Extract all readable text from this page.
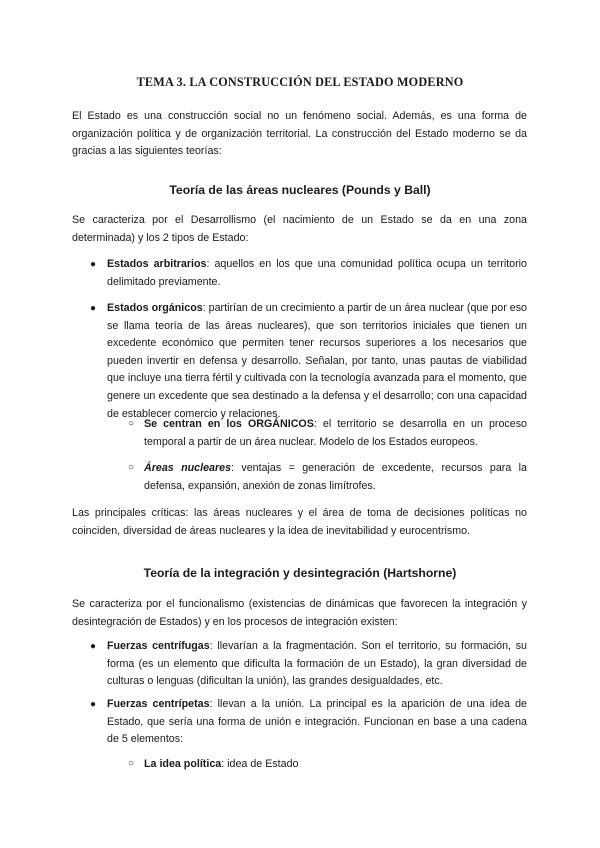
TEMA 3. LA CONSTRUCCIÓN DEL ESTADO MODERNO
El Estado es una construcción social no un fenómeno social. Además, es una forma de organización política y de organización territorial. La construcción del Estado moderno se da gracias a las siguientes teorías:
Teoría de las áreas nucleares (Pounds y Ball)
Se caracteriza por el Desarrollismo (el nacimiento de un Estado se da en una zona determinada) y los 2 tipos de Estado:
● Estados arbitrarios: aquellos en los que una comunidad política ocupa un territorio delimitado previamente.
● Estados orgánicos: partirían de un crecimiento a partir de un área nuclear (que por eso se llama teoría de las áreas nucleares), que son territorios iniciales que tienen un excedente económico que permiten tener recursos superiores a los necesarios que pueden invertir en defensa y desarrollo. Señalan, por tanto, unas pautas de viabilidad que incluye una tierra fértil y cultivada con la tecnología avanzada para el momento, que genere un excedente que sea destinado a la defensa y el desarrollo; con una capacidad de establecer comercio y relaciones.
○ Se centran en los ORGÁNICOS: el territorio se desarrolla en un proceso temporal a partir de un área nuclear. Modelo de los Estados europeos.
○ Áreas nucleares: ventajas = generación de excedente, recursos para la defensa, expansión, anexión de zonas limítrofes.
Las principales críticas: las áreas nucleares y el área de toma de decisiones políticas no coinciden, diversidad de áreas nucleares y la idea de inevitabilidad y eurocentrismo.
Teoría de la integración y desintegración (Hartshorne)
Se caracteriza por el funcionalismo (existencias de dinámicas que favorecen la integración y desintegración de Estados) y en los procesos de integración existen:
● Fuerzas centrífugas: llevarían a la fragmentación. Son el territorio, su formación, su forma (es un elemento que dificulta la formación de un Estado), la gran diversidad de culturas o lenguas (dificultan la unión), las grandes desigualdades, etc.
● Fuerzas centrípetas: llevan a la unión. La principal es la aparición de una idea de Estado, que sería una forma de unión e integración. Funcionan en base a una cadena de 5 elementos:
○ La idea política: idea de Estado
